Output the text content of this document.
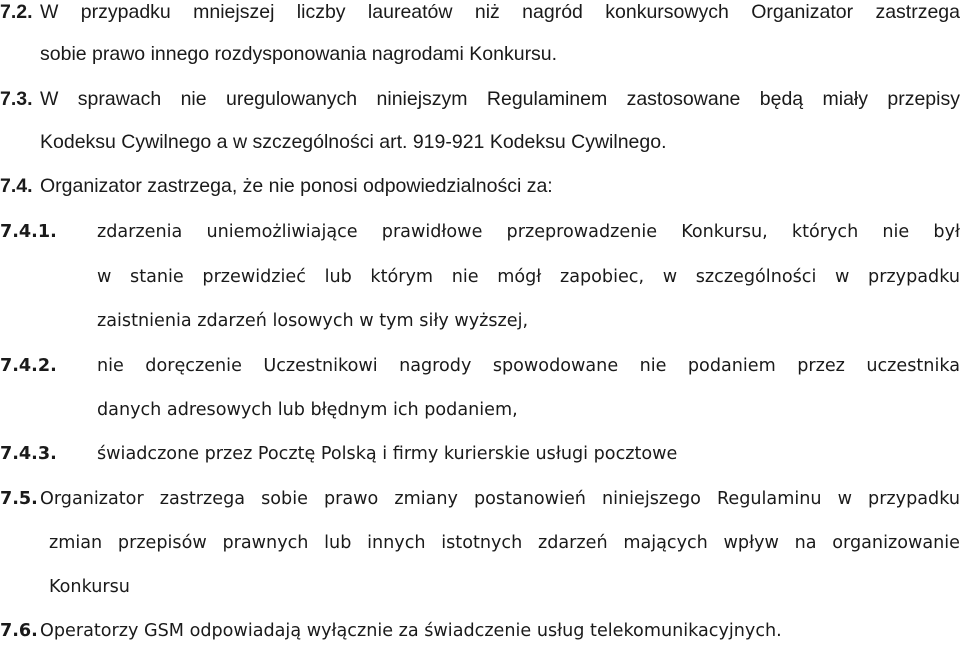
7.2. W przypadku mniejszej liczby laureatów niż nagród konkursowych Organizator zastrzega
sobie prawo innego rozdysponowania nagrodami Konkursu.
7.3. W sprawach nie uregulowanych niniejszym Regulaminem zastosowane będą miały przepisy
Kodeksu Cywilnego a w szczególności art. 919-921 Kodeksu Cywilnego.
7.4. Organizator zastrzega, że nie ponosi odpowiedzialności za:
7.4.1. zdarzenia uniemożliwiające prawidłowe przeprowadzenie Konkursu, których nie był
w stanie przewidzieć lub którym nie mógł zapobiec, w szczególności w przypadku
zaistnienia zdarzeń losowych w tym siły wyższej,
7.4.2. nie doręczenie Uczestnikowi nagrody spowodowane nie podaniem przez uczestnika
danych adresowych lub błędnym ich podaniem,
7.4.3. świadczone przez Pocztę Polską i firmy kurierskie usługi pocztowe
7.5. Organizator zastrzega sobie prawo zmiany postanowień niniejszego Regulaminu w przypadku
zmian przepisów prawnych lub innych istotnych zdarzeń mających wpływ na organizowanie
Konkursu
7.6. Operatorzy GSM odpowiadają wyłącznie za świadczenie usług telekomunikacyjnych.
